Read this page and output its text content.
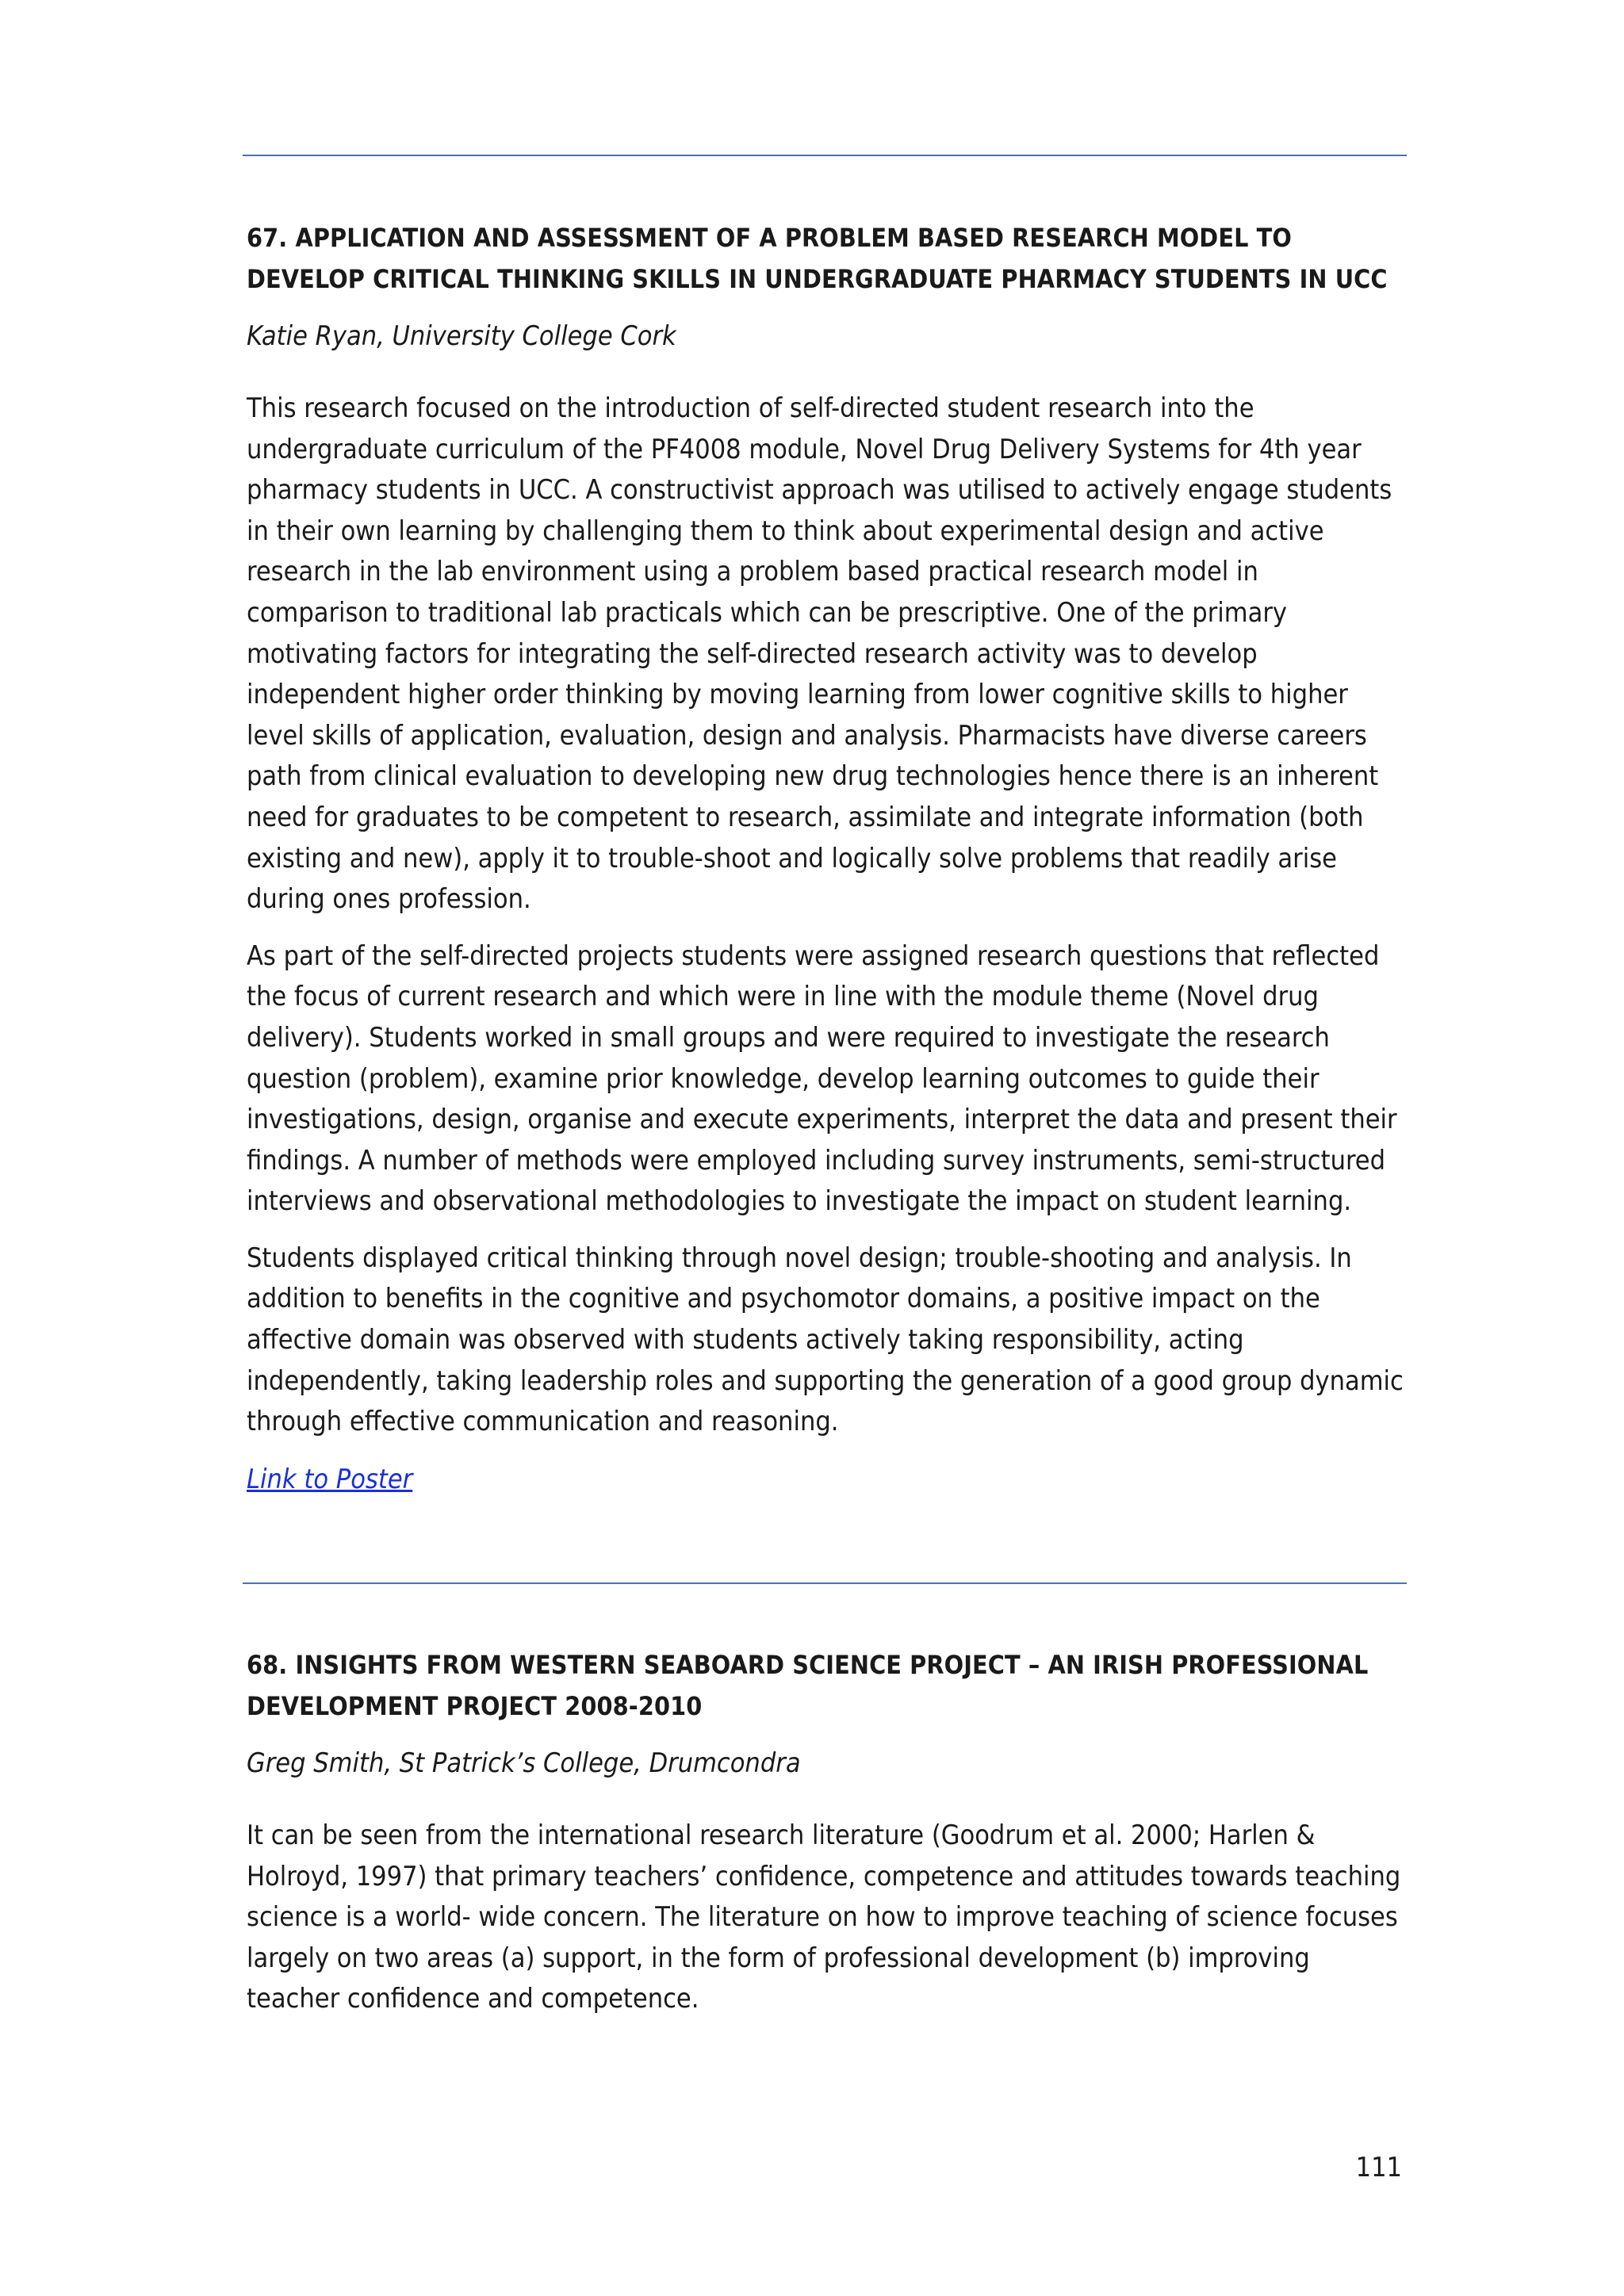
67. APPLICATION AND ASSESSMENT OF A PROBLEM BASED RESEARCH MODEL TO DEVELOP CRITICAL THINKING SKILLS IN UNDERGRADUATE PHARMACY STUDENTS IN UCC
Katie Ryan, University College Cork

This research focused on the introduction of self-directed student research into the undergraduate curriculum of the PF4008 module, Novel Drug Delivery Systems for 4th year pharmacy students in UCC. A constructivist approach was utilised to actively engage students in their own learning by challenging them to think about experimental design and active research in the lab environment using a problem based practical research model in comparison to traditional lab practicals which can be prescriptive. One of the primary motivating factors for integrating the self-directed research activity was to develop independent higher order thinking by moving learning from lower cognitive skills to higher level skills of application, evaluation, design and analysis. Pharmacists have diverse careers path from clinical evaluation to developing new drug technologies hence there is an inherent need for graduates to be competent to research, assimilate and integrate information (both existing and new), apply it to trouble-shoot and logically solve problems that readily arise during ones profession.

As part of the self-directed projects students were assigned research questions that reflected the focus of current research and which were in line with the module theme (Novel drug delivery). Students worked in small groups and were required to investigate the research question (problem), examine prior knowledge, develop learning outcomes to guide their investigations, design, organise and execute experiments, interpret the data and present their findings. A number of methods were employed including survey instruments, semi-structured interviews and observational methodologies to investigate the impact on student learning.

Students displayed critical thinking through novel design; trouble-shooting and analysis. In addition to benefits in the cognitive and psychomotor domains, a positive impact on the affective domain was observed with students actively taking responsibility, acting independently, taking leadership roles and supporting the generation of a good group dynamic through effective communication and reasoning.

Link to Poster
68. INSIGHTS FROM WESTERN SEABOARD SCIENCE PROJECT – AN IRISH PROFESSIONAL DEVELOPMENT PROJECT 2008-2010
Greg Smith, St Patrick’s College, Drumcondra

It can be seen from the international research literature (Goodrum et al. 2000; Harlen & Holroyd, 1997) that primary teachers’ confidence, competence and attitudes towards teaching science is a world- wide concern. The literature on how to improve teaching of science focuses largely on two areas (a) support, in the form of professional development (b) improving teacher confidence and competence.

111
